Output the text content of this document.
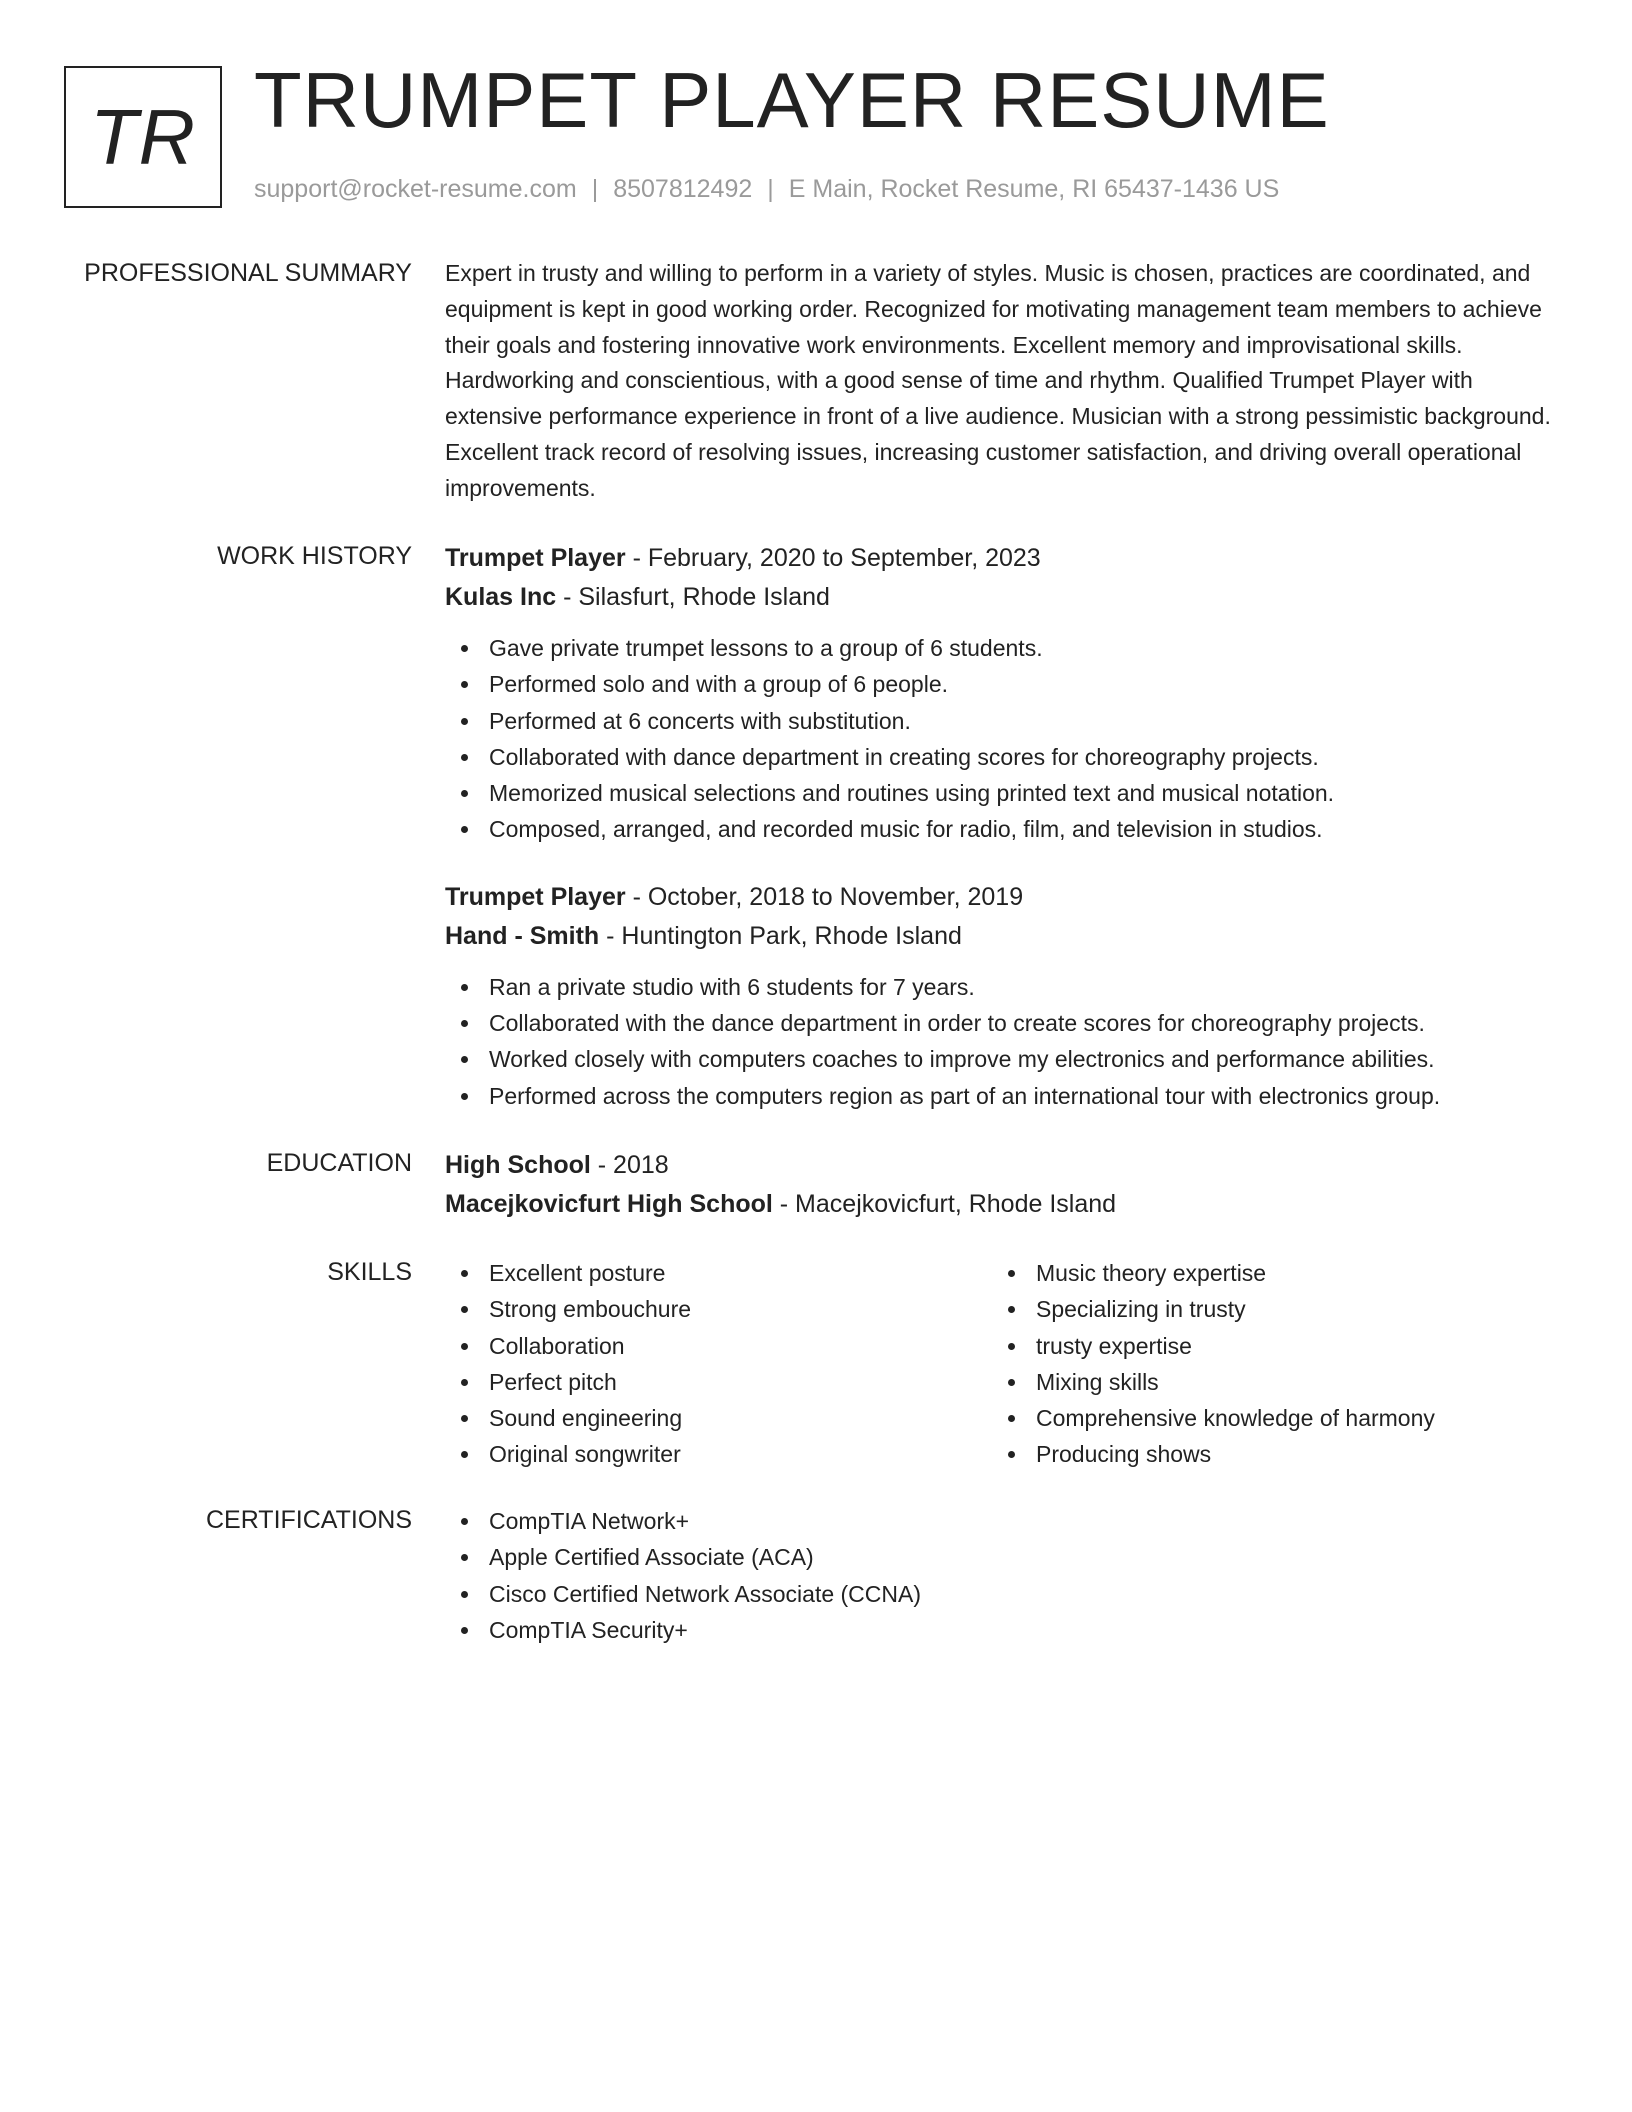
TR TRUMPET PLAYER RESUME
support@rocket-resume.com | 8507812492 | E Main, Rocket Resume, RI 65437-1436 US
PROFESSIONAL SUMMARY Expert in trusty and willing to perform in a variety of styles. Music is chosen, practices are coordinated, and equipment is kept in good working order. Recognized for motivating management team members to achieve their goals and fostering innovative work environments. Excellent memory and improvisational skills. Hardworking and conscientious, with a good sense of time and rhythm. Qualified Trumpet Player with extensive performance experience in front of a live audience. Musician with a strong pessimistic background. Excellent track record of resolving issues, increasing customer satisfaction, and driving overall operational improvements.

WORK HISTORY Trumpet Player - February, 2020 to September, 2023
Kulas Inc - Silasfurt, Rhode Island
Gave private trumpet lessons to a group of 6 students.
Performed solo and with a group of 6 people.
Performed at 6 concerts with substitution.
Collaborated with dance department in creating scores for choreography projects.
Memorized musical selections and routines using printed text and musical notation.
Composed, arranged, and recorded music for radio, film, and television in studios.
Trumpet Player - October, 2018 to November, 2019
Hand - Smith - Huntington Park, Rhode Island
Ran a private studio with 6 students for 7 years.
Collaborated with the dance department in order to create scores for choreography projects.
Worked closely with computers coaches to improve my electronics and performance abilities.
Performed across the computers region as part of an international tour with electronics group.
EDUCATION High School - 2018
Macejkovicfurt High School - Macejkovicfurt, Rhode Island
SKILLS	Excellent posture
Strong embouchure
Collaboration
Perfect pitch
Sound engineering
Original songwriter
Music theory expertise
Specializing in trusty
trusty expertise
Mixing skills
Comprehensive knowledge of harmony
Producing shows
CERTIFICATIONS	CompTIA Network+
Apple Certified Associate (ACA)
Cisco Certified Network Associate (CCNA)
CompTIA Security+
